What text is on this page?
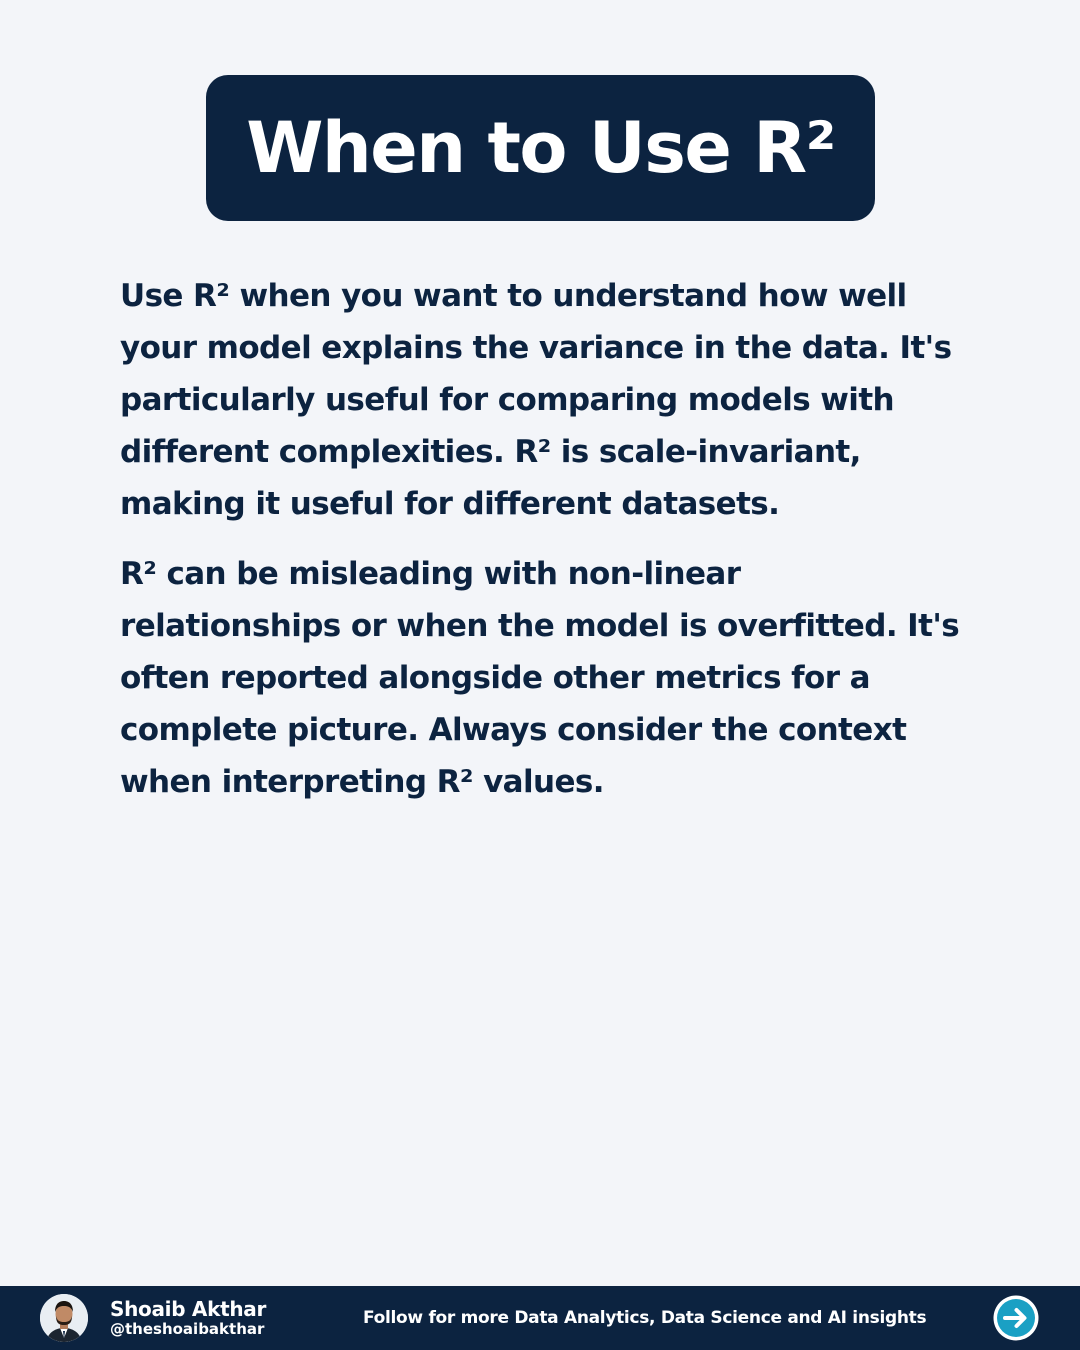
When to Use R²

Use R² when you want to understand how well your model explains the variance in the data. It's particularly useful for comparing models with different complexities. R² is scale-invariant, making it useful for different datasets.

R² can be misleading with non-linear relationships or when the model is overfitted. It's often reported alongside other metrics for a complete picture. Always consider the context when interpreting R² values.

Shoaib Akthar
@theshoaibakthar
Follow for more Data Analytics, Data Science and AI insights
